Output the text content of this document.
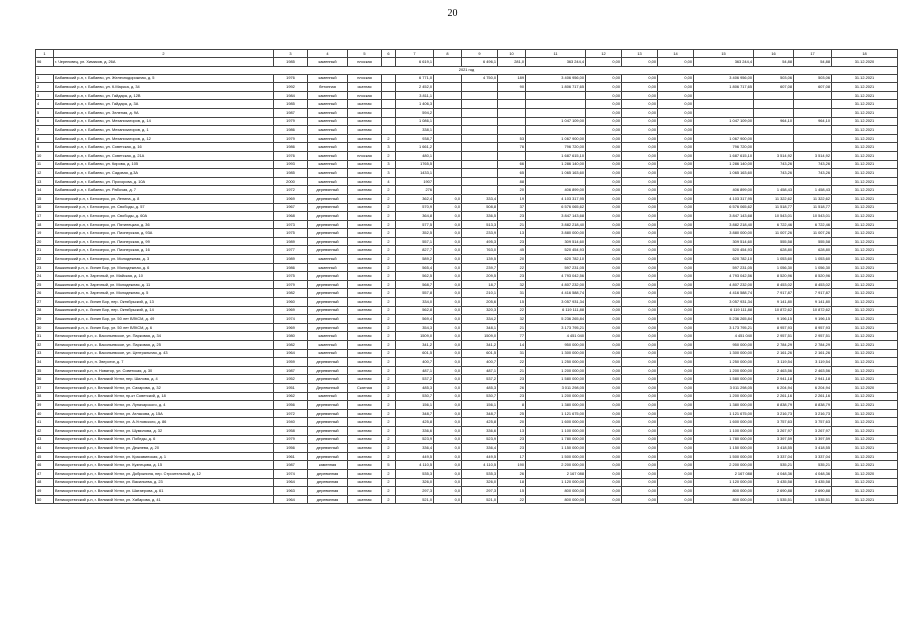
20
1	2	3	4	5	6	7	8	9	10	11	12	13	14	15	16	17	18
96	г. Череповец, ул. Химиков, д. 26А	1985	каменный	плоская		6 619,1		6 496,1	281,0	363 244,4	0,00	0,00	0,00	363 244,4	54,88	54,88	31.12.2020
2021 год																	
1	Бабаевский р-н, г. Бабаево, ул. Железнодорожная, д. 5	1976	каменный	плоская		6 771,0		4 750,0	189	3 406 956,00	0,00	0,00	0,00	3 406 956,00	503,06	503,06	31.12.2021
2	Бабаевский р-н, г. Бабаево, ул. К.Маркса, д. 34	1992	бетонная	скатная		2 452,0			90	1 806 717,65	0,00	0,00	0,00	1 806 717,65	607,08	607,08	31.12.2021
3	Бабаевский р-н, г. Бабаево, ул. Гайдара, д. 12В	1984	каменный	плоская		3 811,1					0,00	0,00	0,00				31.12.2021
4	Бабаевский р-н, г. Бабаево, ул. Гайдара, д. 3А	1985	каменный	скатная		1 406,3					0,00	0,00	0,00				31.12.2021
5	Бабаевский р-н, г. Бабаево, ул. Зеленая, д. 9А	1987	каменный	скатная		594,2					0,00	0,00	0,00				31.12.2021
6	Бабаевский р-н, г. Бабаево, ул. Механизаторов, д. 14	1979	каменный	скатная		1 086,1				1 047 109,00	0,00	0,00	0,00	1 047 109,00	964,10	964,10	31.12.2021
7	Бабаевский р-н, г. Бабаево, ул. Механизаторов, д. 1	1986	каменный	скатная		338,1					0,00	0,00	0,00				31.12.2021
8	Бабаевский р-н, г. Бабаево, ул. Механизаторов, д. 12	1979	каменный	скатная	2	938,7			53	1 067 900,00	0,00	0,00	0,00	1 067 900,00			31.12.2021
9	Бабаевский р-н, г. Бабаево, ул. Советская, д. 16	1986	каменный	скатная	3	1 661,2			76	796 720,00	0,00	0,00	0,00	796 720,00			31.12.2021
10	Бабаевский р-н, г. Бабаево, ул. Советская, д. 21А	1976	каменный	плоская	2	480,1				1 687 615,10	0,00	0,00	0,00	1 687 615,10	3 514,92	3 514,92	31.12.2021
11	Бабаевский р-н, г. Бабаево, ул. Кирова, д. 105	1993	каменный	скатная	3	1765,5			66	1 286 140,00	0,00	0,00	0,00	1 286 140,00	743,26	743,26	31.12.2021
12	Бабаевский р-н, г. Бабаево, ул. Садовая, д.3А	1985	каменный	скатная	3	1433,1			65	1 065 163,60	0,00	0,00	0,00	1 065 163,60	743,26	743,26	31.12.2021
13	Бабаевский р-н, г. Бабаево, ул. Прохорова, д. 10А	2000	каменный	скатная	4	1907			88		0,00	0,00	0,00				31.12.2021
14	Бабаевский р-н, г. Бабаево, ул. Рабочая, д. 7	1972	деревянный	скатная	2	276			20	406 899,00	0,00	0,00	0,00	406 899,00	1 458,43	1 458,43	31.12.2021
15	Белозерский р-н, г. Белозерск, ул. Ленина, д. 8	1969	деревянный	скатная	2	362,4	0,0	333,4	19	4 103 317,95	0,00	0,00	0,00	4 103 317,95	11 322,62	11 322,62	31.12.2021
16	Белозерский р-н, г. Белозерск, ул. Свободы, д. 57	1967	деревянный	скатная	2	570,9	0,0	508,8	37	6 576 065,62	0,00	0,00	0,00	6 576 065,62	11 518,77	11 518,77	31.12.2021
17	Белозерский р-н, г. Белозерск, ул. Свободы, д. 60А	1968	деревянный	скатная	2	364,8	0,0	336,5	23	3 847 143,68	0,00	0,00	0,00	3 847 143,68	10 543,01	10 543,01	31.12.2021
18	Белозерский р-н, г. Белозерск, ул. Пятинецкая, д. 36	1973	деревянный	скатная	2	577,5	0,0	513,3	21	3 882 218,40	0,00	0,00	0,00	3 882 218,40	6 722,46	6 722,46	31.12.2021
19	Белозерский р-н, г. Белозерск, ул. Пионерская, д. 93А	1975	деревянный	скатная	2	352,5	0,0	233,9	13	3 880 000,00	0,00	0,00	0,00	3 880 000,00	11 007,26	11 007,26	31.12.2021
20	Белозерский р-н, г. Белозерск, ул. Пионерская, д. 99	1989	деревянный	скатная	2	557,1	0,0	495,3	23	309 514,60	0,00	0,00	0,00	309 514,60	555,58	555,58	31.12.2021
21	Белозерский р-н, г. Белозерск, ул. Пионерская, д. 16	1977	деревянный	скатная	2	827,7	0,0	763,0	45	520 454,93	0,00	0,00	0,00	520 454,93	628,80	628,80	31.12.2021
22	Белозерский р-н, г. Белозерск, ул. Молодежная, д. 3	1989	каменный	скатная	2	589,2	0,0	139,5	20	620 782,10	0,00	0,00	0,00	620 782,10	1 053,60	1 053,60	31.12.2021
23	Вашкинский р-н, с. Липин Бор, ул. Молодежная, д. 6	1986	каменный	скатная	2	565,4	0,0	239,7	22	597 231,05	0,00	0,00	0,00	597 231,05	1 056,30	1 056,30	31.12.2021
24	Вашкинский р-н, п. Заречный, ул. Майская, д. 10	1975	деревянный	скатная	2	562,5	0,0	209,5	23	4 793 042,56	0,00	0,00	0,00	4 793 042,56	8 520,96	8 520,96	31.12.2021
25	Вашкинский р-н, п. Заречный, ул. Молодежная, д. 11	1979	деревянный	скатная	2	568,7	0,0	18,7	32	4 807 232,00	0,00	0,00	0,00	4 807 232,00	8 453,02	8 453,02	31.12.2021
26	Вашкинский р-н, п. Заречный, ул. Молодежная, д. 5	1982	деревянный	скатная	2	557,8	0,0	210,1	31	4 416 588,74	0,00	0,00	0,00	4 416 588,74	7 917,87	7 917,87	31.12.2021
27	Вашкинский р-н, с. Липин Бор, пер. Октябрьский, д. 13	1960	деревянный	скатная	2	334,0	0,0	205,6	15	3 057 931,34	0,00	0,00	0,00	3 057 931,34	9 141,80	9 141,80	31.12.2021
28	Вашкинский р-н, с. Липин Бор, пер. Октябрьский, д. 14	1969	деревянный	скатная	2	562,8	0,0	320,3	22	6 119 111,88	0,00	0,00	0,00	6 119 111,88	10 872,62	10 872,62	31.12.2021
29	Вашкинский р-н, с. Липин Бор, ул. 50 лет ВЛКСМ, д. 49	1974	деревянный	скатная	2	569,4	0,0	334,2	32	5 236 265,84	0,00	0,00	0,00	5 236 265,84	9 196,15	9 196,15	31.12.2021
30	Вашкинский р-н, с. Липин Бор, ул. 50 лет ВЛКСМ, д. 6	1969	деревянный	скатная	2	354,3	0,0	348,1	21	3 173 795,21	0,00	0,00	0,00	3 173 795,21	8 957,93	8 957,93	31.12.2021
31	Великоустюгский р-н, с. Васильевское, ул. Парковая, д. 34	1980	каменный	скатная	2	1509,0	0,0	1509,0	77	4 451 040	0,00	0,00	0,00	4 451 040	2 957,51	2 957,51	31.12.2021
32	Великоустюгский р-н, с. Васильевское, ул. Парковая, д. 25	1982	каменный	скатная	2	341,2	0,0	341,2	14	950 000,00	0,00	0,00	0,00	950 000,00	2 784,29	2 784,29	31.12.2021
33	Великоустюгский р-н, с. Васильевское, ул. Центральная, д. 43	1964	каменный	скатная	2	601,5	0,0	601,5	31	1 300 000,00	0,00	0,00	0,00	1 300 000,00	2 161,26	2 161,26	31.12.2021
34	Великоустюгский р-н, п. Зверотиг, д. 7	1959	деревянный	скатная	2	400,7	0,0	400,7	22	1 250 000,00	0,00	0,00	0,00	1 250 000,00	3 119,54	3 119,54	31.12.2021
35	Великоустюгский р-н, п. Новатор, ул. Советская, д. 30	1987	деревянный	скатная	2	487,1	0,0	487,1	21	1 200 000,00	0,00	0,00	0,00	1 200 000,00	2 463,56	2 463,56	31.12.2021
36	Великоустюгский р-н, г. Великий Устюг, пер. Шилова, д. 4	1952	деревянный	скатная	2	537,2	0,0	537,2	23	1 580 000,00	0,00	0,00	0,00	1 580 000,00	2 941,18	2 941,18	31.12.2021
37	Великоустюгский р-н, г. Великий Устюг, ул. Сахарова, д. 32	1951	Деревянный	Скатная	2	485,3	0,0	485,3	26	3 011 298,05	0,00	0,00	0,00	3 011 298,05	6 204,94	6 204,94	31.12.2020
38	Великоустюгский р-н, г. Великий Устюг, пр-кт Советский, д. 18	1962	каменный	скатная	2	530,7	0,0	530,7	23	1 200 000,00	0,00	0,00	0,00	1 200 000,00	2 261,16	2 261,16	31.12.2021
39	Великоустюгский р-н, г. Великий Устюг, ул. Луначарского, д. 4	1956	деревянный	скатная	2	156,1	0,0	156,1	8	1 380 000,00	0,00	0,00	0,00	1 380 000,00	8 838,79	8 838,79	31.12.2021
40	Великоустюгский р-н, г. Великий Устюг, ул. Атласова, д. 15А	1972	деревянный	скатная	2	348,7	0,0	348,7	25	1 121 675,00	0,00	0,00	0,00	1 121 675,00	3 216,73	3 216,73	31.12.2021
41	Великоустюгский р-н, г. Великий Устюг, ул. А.Угловского, д. 86	1940	деревянный	скатная	2	425,8	0,0	425,8	20	1 600 000,00	0,00	0,00	0,00	1 600 000,00	3 757,63	3 757,63	31.12.2021
42	Великоустюгский р-н, г. Великий Устюг, ул. Шумилова, д. 32	1958	деревянный	скатная	2	336,6	0,0	336,6	13	1 100 000,00	0,00	0,00	0,00	1 100 000,00	3 267,97	3 267,97	31.12.2021
43	Великоустюгский р-н, г. Великий Устюг, ул. Победы, д. 6	1979	деревянный	скатная	2	523,9	0,0	523,9	23	1 780 000,00	0,00	0,00	0,00	1 780 000,00	3 397,59	3 397,59	31.12.2021
44	Великоустюгский р-н, г. Великий Устюг, ул. Дежнева, д. 20	1956	деревянный	скатная	2	336,4	0,0	336,4	23	1 150 000,00	0,00	0,00	0,00	1 150 000,00	3 418,55	3 418,55	31.12.2021
45	Великоустюгский р-н, г. Великий Устюг, ул. Красавинская, д. 1	1961	деревянный	скатная	2	449,5	0,0	449,5	17	1 500 000,00	0,00	0,00	0,00	1 500 000,00	3 337,04	3 337,04	31.12.2021
46	Великоустюгский р-н, г. Великий Устюг, ул. Кузнецова, д. 15	1987	каменная	скатная	5	4 110,5	0,0	4 110,5	190	2 200 000,00	0,00	0,00	0,00	2 200 000,00	535,21	535,21	31.12.2021
47	Великоустюгский р-н, г. Великий Устюг, ул. Добрынина, пер. Строительный, д. 12	1974	деревянная	скатная	2	535,3	0,0	535,3	26	2 167 088	0,00	0,00	0,00	2 167 088	4 048,36	4 048,36	31.12.2020
48	Великоустюгский р-н, г. Великий Устюг, ул. Васильева, д. 23	1964	деревянная	скатная	2	326,0	0,0	326,0	18	1 120 000,00	0,00	0,00	0,00	1 120 000,00	3 435,58	3 435,58	31.12.2021
49	Великоустюгский р-н, г. Великий Устюг, ул. Шатаерова, д. 61	1963	деревянная	скатная	2	297,3	0,0	297,3	15	800 000,00	0,00	0,00	0,00	800 000,00	2 690,88	2 690,88	31.12.2021
50	Великоустюгский р-н, г. Великий Устюг, ул. Хабарова, д. 41	1964	деревянная	скатная	2	521,0	0,0	521,0	22	800 000,00	0,00	0,00	0,00	800 000,00	1 535,51	1 535,51	31.12.2021
